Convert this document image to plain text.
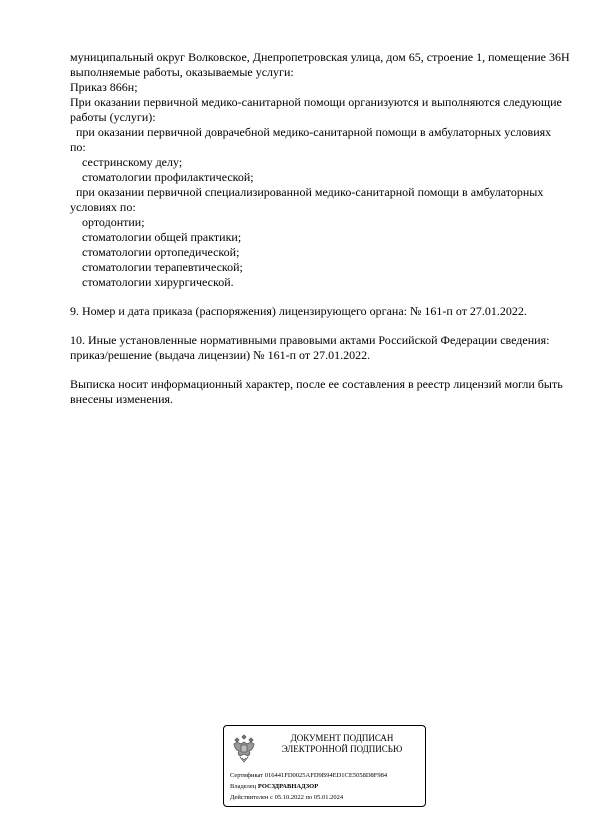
муниципальный округ Волковское, Днепропетровская улица, дом 65, строение 1, помещение 36Н
выполняемые работы, оказываемые услуги:
Приказ 866н;
При оказании первичной медико-санитарной помощи организуются и выполняются следующие
работы (услуги):
при оказании первичной доврачебной медико-санитарной помощи в амбулаторных условиях
по:
сестринскому делу;
стоматологии профилактической;
при оказании первичной специализированной медико-санитарной помощи в амбулаторных
условиях по:
ортодонтии;
стоматологии общей практики;
стоматологии ортопедической;
стоматологии терапевтической;
стоматологии хирургической.
9. Номер и дата приказа (распоряжения) лицензирующего органа: № 161-п от 27.01.2022.
10. Иные установленные нормативными правовыми актами Российской Федерации сведения:
приказ/решение (выдача лицензии) № 161-п от 27.01.2022.
Выписка носит информационный характер, после ее составления в реестр лицензий могли быть
внесены изменения.
ДОКУМЕНТ ПОДПИСАН
ЭЛЕКТРОННОЙ ПОДПИСЬЮ
Сертификат 016441FD0025AFD9B94ED1CE5058D8F984
Владелец РОСЗДРАВНАДЗОР
Действителен с 05.10.2022 по 05.01.2024
